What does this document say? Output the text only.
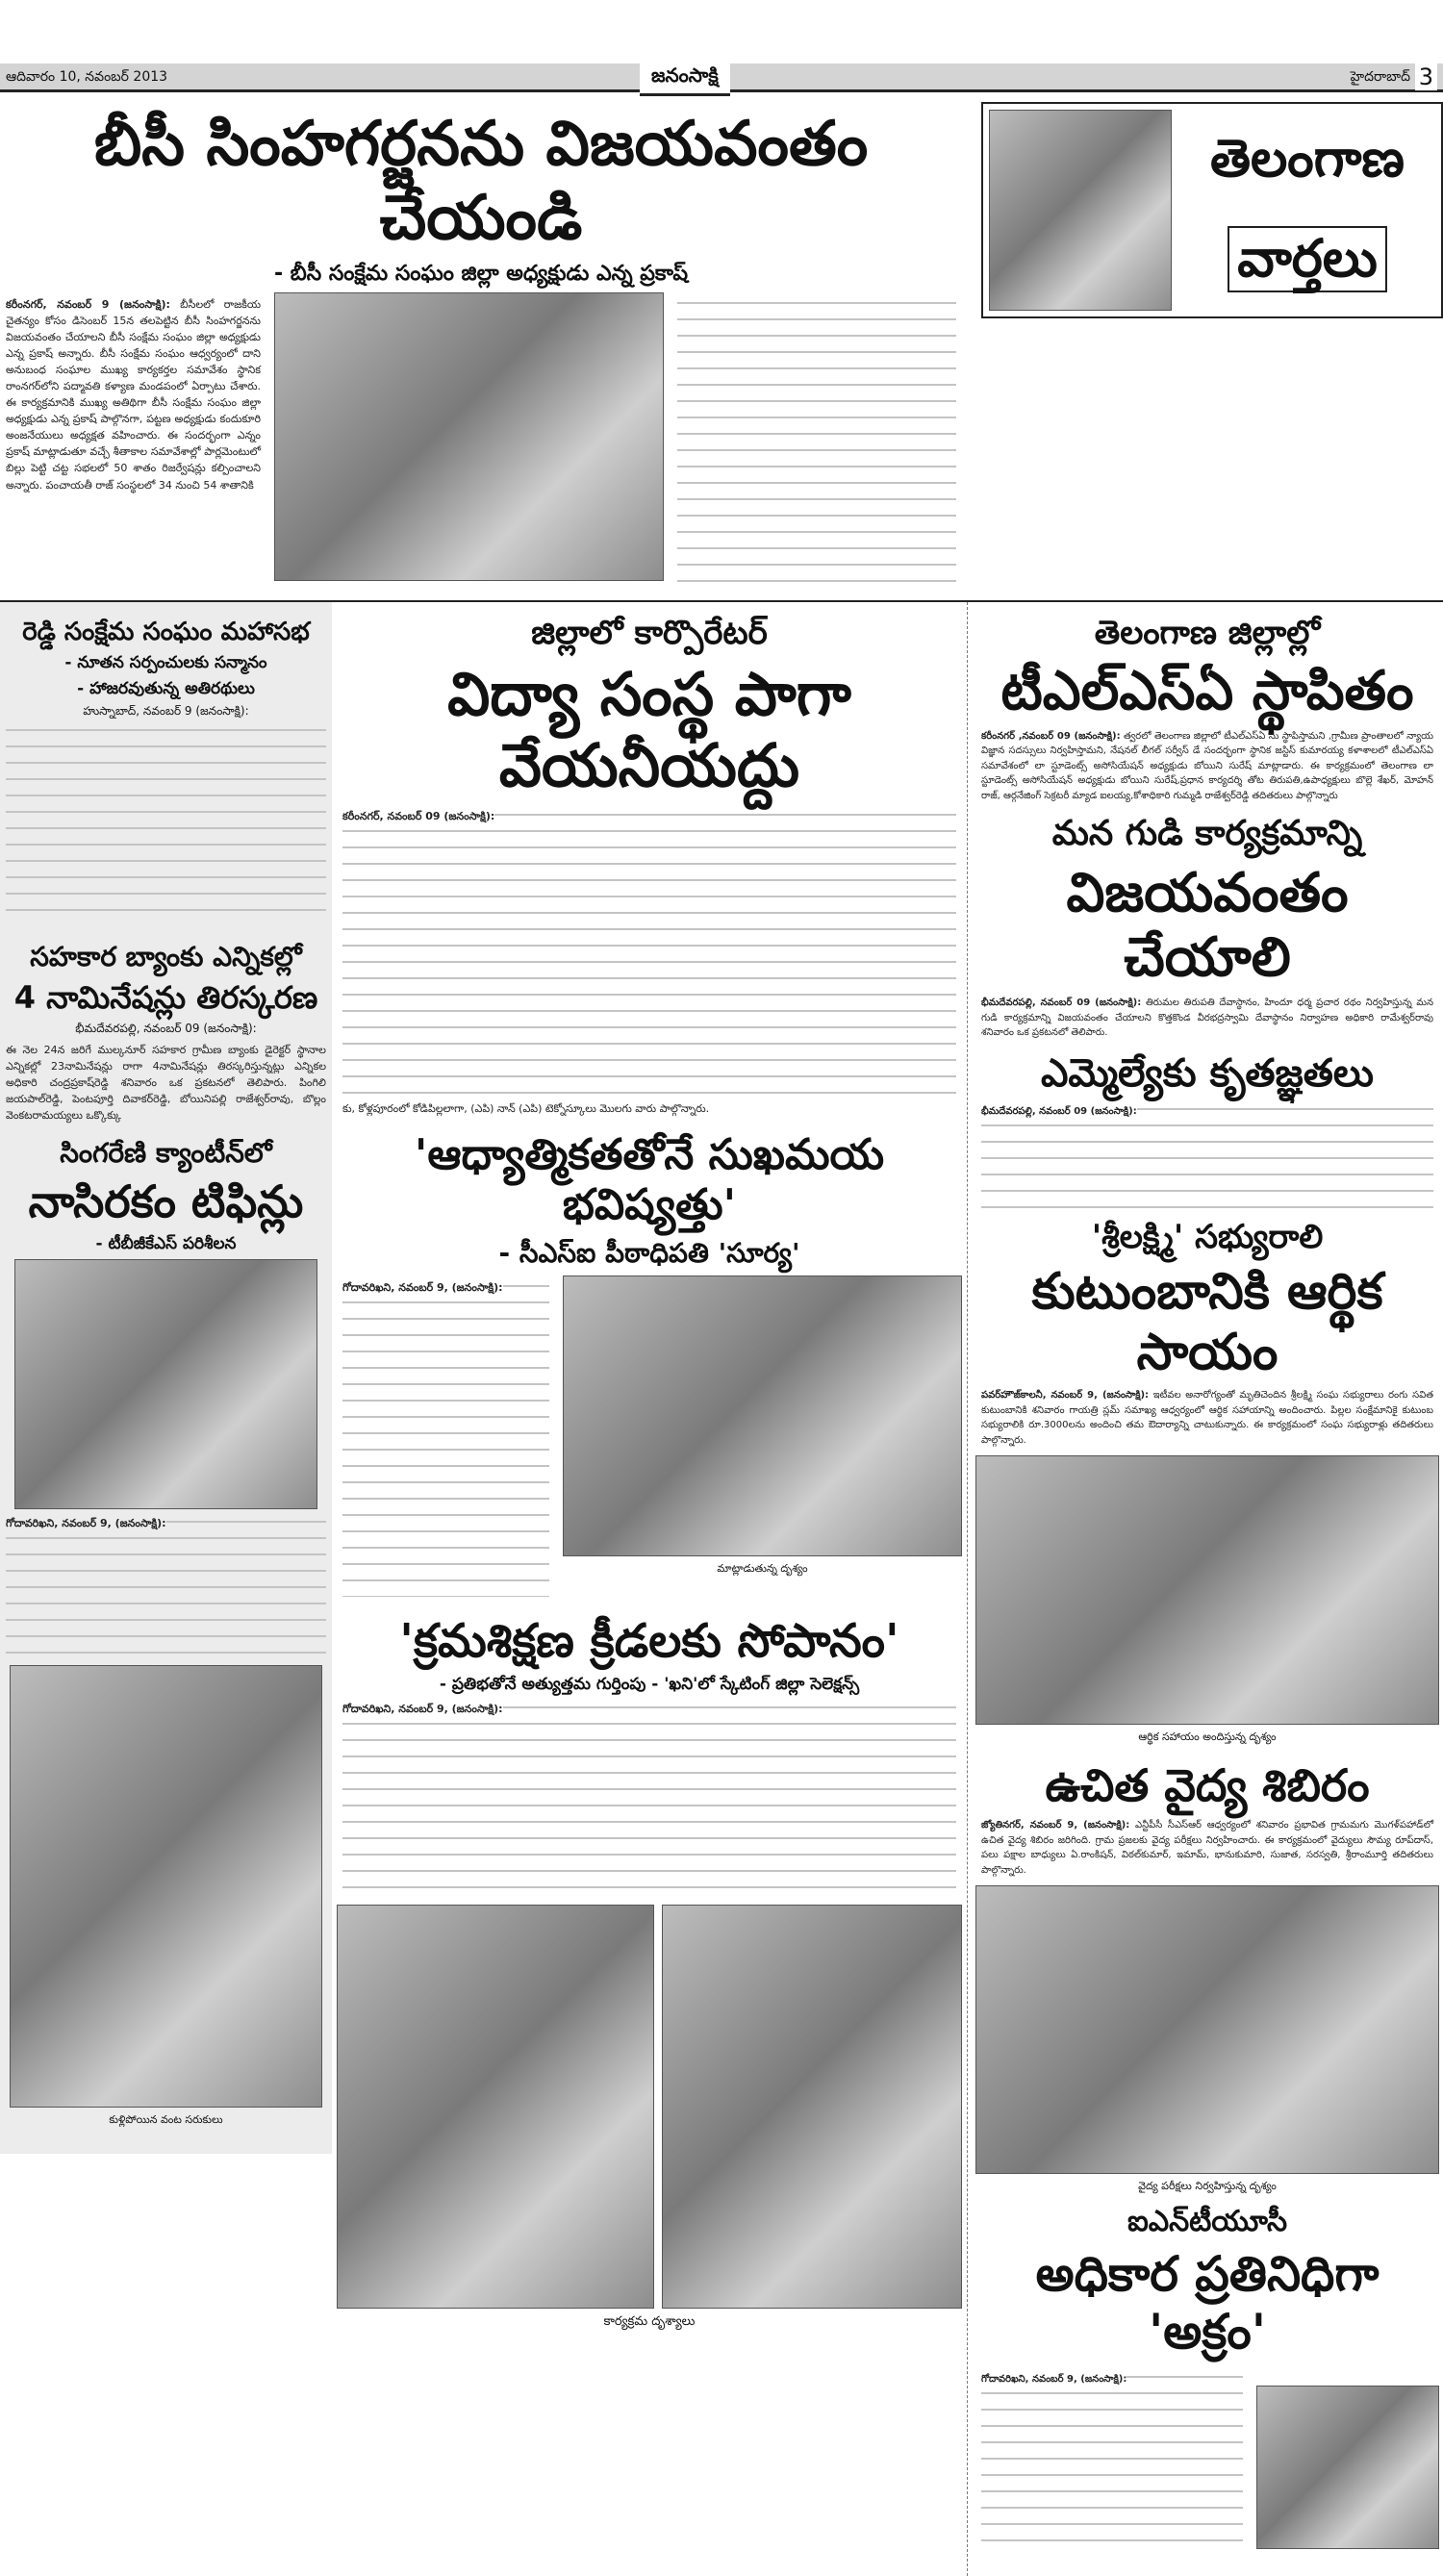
ఆదివారం 10, నవంబర్ 2013	జనంసాక్షి	హైదరాబాద్ 3
బీసీ సింహగర్జనను విజయవంతం చేయండి
- బీసీ సంక్షేమ సంఘం జిల్లా అధ్యక్షుడు ఎన్న ప్రకాష్
కరీంనగర్, నవంబర్ 9 (జనంసాక్షి): బీసీలలో రాజకీయ చైతన్యం కోసం డిసెంబర్ 15న తలపెట్టిన బీసీ సింహగర్జనను విజయవంతం చేయాలని బీసీ సంక్షేమ సంఘం జిల్లా అధ్యక్షుడు ఎన్న ప్రకాష్ అన్నారు. బీసీ సంక్షేమ సంఘం ఆధ్వర్యంలో దాని అనుబంధ సంఘాల ముఖ్య కార్యకర్తల సమావేశం స్థానిక రాంనగర్‌లోని పద్మావతి కళ్యాణ మండపంలో ఏర్పాటు చేశారు. ఈ కార్యక్రమానికి ముఖ్య అతిథిగా బీసీ సంక్షేమ సంఘం జిల్లా అధ్యక్షుడు ఎన్న ప్రకాష్ పాల్గొనగా, పట్టణ అధ్యక్షుడు కందుకూరి అంజనేయులు అధ్యక్షత వహించారు. ఈ సందర్భంగా ఎన్నం ప్రకాష్ మాట్లాడుతూ వచ్చే శీతాకాల సమావేశాల్లో పార్లమెంటులో బిల్లు పెట్టి చట్ట సభలలో 50 శాతం రిజర్వేషన్లు కల్పించాలని అన్నారు. పంచాయతీ రాజ్ సంస్థలలో 34 నుంచి 54 శాతానికి
తెలంగాణ
వార్తలు
రెడ్డి సంక్షేమ సంఘం మహాసభ
- నూతన సర్పంచులకు సన్మానం
- హాజరవుతున్న అతిరథులు
హుస్నాబాద్, నవంబర్ 9 (జనంసాక్షి):
సహకార బ్యాంకు ఎన్నికల్లో
4 నామినేషన్లు తిరస్కరణ
భీమదేవరపల్లి, నవంబర్ 09 (జనంసాక్షి):
ఈ నెల 24న జరిగే ముల్కనూర్ సహకార గ్రామీణ బ్యాంకు డైరెక్టర్ స్థానాల ఎన్నికల్లో 23నామినేషన్లు రాగా 4నామినేషన్లు తిరస్కరిస్తున్నట్లు ఎన్నికల అధికారి చంద్రప్రకాష్‌రెడ్డి శనివారం ఒక ప్రకటనలో తెలిపారు. పింగిలి జయపాల్‌రెడ్డి, పెంటపూర్తి దివాకర్‌రెడ్డి, బోయినిపల్లి రాజేశ్వర్‌రావు, బొల్లం వెంకటరామయ్యలు ఒక్కొక్కు
సింగరేణి క్యాంటీన్‌లో
నాసిరకం టిఫిన్లు
- టీబీజీకేఎస్ పరిశీలన
గోదావరిఖని, నవంబర్ 9, (జనంసాక్షి):
కుళ్లిపోయిన వంట సరుకులు
జిల్లాలో కార్పొరేటర్
విద్యా సంస్థ పాగా వేయనీయద్దు
కరీంనగర్, నవంబర్ 09 (జనంసాక్షి):
కు, కోళ్లపూరంలో కోడిపిల్లలాగా, (ఎపి) నాన్ (ఎపి) టెక్నోస్కూలు మొలగు వారు పాల్గొన్నారు.
'ఆధ్యాత్మికతతోనే సుఖమయ భవిష్యత్తు'
- సీఎస్ఐ పీఠాధిపతి 'సూర్య'
గోదావరిఖని, నవంబర్ 9, (జనంసాక్షి):
మాట్లాడుతున్న దృశ్యం
'క్రమశిక్షణ క్రీడలకు సోపానం'
- ప్రతిభతోనే అత్యుత్తమ గుర్తింపు - 'ఖని'లో స్కేటింగ్ జిల్లా సెలెక్షన్స్
గోదావరిఖని, నవంబర్ 9, (జనంసాక్షి):
కార్యక్రమ దృశ్యాలు
తెలంగాణ జిల్లాల్లో
టీఎల్ఎస్ఏ స్థాపితం
కరీంనగర్ ,నవంబర్ 09 (జనంసాక్షి): త్వరలో తెలంగాణ జిల్లాలో టీఎల్ఎస్ఏ ను స్థాపిస్తామని ,గ్రామీణ ప్రాంతాలలో న్యాయ విజ్ఞాన సదస్సులు నిర్వహిస్తామని, నేషనల్ లీగల్ సర్వీస్ డే సందర్భంగా స్థానిక జస్టిస్ కుమారయ్య కళాశాలలో టీఎల్ఎస్ఏ సమావేశంలో లా స్టూడెంట్స్ అసోసియేషన్ అధ్యక్షుడు బోయిని సురేష్ మాట్లాడారు. ఈ కార్యక్రమంలో తెలంగాణ లా స్టూడెంట్స్ అసోసియేషన్ అధ్యక్షుడు బోయిని సురేష్,ప్రధాన కార్యదర్శి తోట తిరుపతి,ఉపాధ్యక్షులు బొల్లె శేఖర్, మోహన్ రాజ్, ఆర్గనేజింగ్ సెక్రటరీ మ్యాడ ఐలయ్య,కోశాధికారి గుమ్మడి రాజేశ్వర్‌రెడ్డి తదితరులు పాల్గొన్నారు
మన గుడి కార్యక్రమాన్ని
విజయవంతం చేయాలి
భీమదేవరపల్లి, నవంబర్ 09 (జనంసాక్షి): తిరుమల తిరుపతి దేవాస్థానం, హిందూ ధర్మ ప్రచార రథం నిర్వహిస్తున్న మన గుడి కార్యక్రమాన్ని విజయవంతం చేయాలని కొత్తకొండ వీరభద్రస్వామి దేవాస్థానం నిర్వాహణ అధికారి రామేశ్వర్‌రావు శనివారం ఒక ప్రకటనలో తెలిపారు.
ఎమ్మెల్యేకు కృతజ్ఞతలు
భీమదేవరపల్లి, నవంబర్ 09 (జనంసాక్షి):
'శ్రీలక్ష్మి' సభ్యురాలి
కుటుంబానికి ఆర్థిక సాయం
పవర్‌హౌజ్‌కాలనీ, నవంబర్ 9, (జనంసాక్షి): ఇటీవల అనారోగ్యంతో మృతిచెందిన శ్రీలక్ష్మి సంఘ సభ్యురాలు రంగు సవిత కుటుంబానికి శనివారం గాయత్రి స్లమ్ సమాఖ్య ఆధ్వర్యంలో ఆర్థిక సహాయాన్ని అందించారు. పిల్లల సంక్షేమానికై కుటుంబ సభ్యురాలికి రూ.3000లను అందించి తమ ఔదార్యాన్ని చాటుకున్నారు. ఈ కార్యక్రమంలో సంఘ సభ్యురాళ్లు తదితరులు పాల్గొన్నారు.
ఆర్థిక సహాయం అందిస్తున్న దృశ్యం
ఉచిత వైద్య శిబిరం
జ్యోతినగర్, నవంబర్ 9, (జనంసాక్షి): ఎన్టీపీసీ సీఎస్ఆర్ ఆధ్వర్యంలో శనివారం ప్రభావిత గ్రామమగు మొగళ్‌పహాడ్‌లో ఉచిత వైద్య శిబిరం జరిగింది. గ్రామ ప్రజలకు వైద్య పరీక్షలు నిర్వహించారు. ఈ కార్యక్రమంలో వైద్యులు సౌమ్య రూప్‌దాస్, పలు పక్షాల బాధ్యులు ఏ.రాంకిషన్, విఠల్‌కుమార్, ఇమామ్, భానుకుమారి, సుజాత, సరస్వతి, శ్రీరాంమూర్తి తదితరులు పాల్గొన్నారు.
వైద్య పరీక్షలు నిర్వహిస్తున్న దృశ్యం
ఐఎన్‌టీయూసీ
అధికార ప్రతినిధిగా 'అక్రం'
గోదావరిఖని, నవంబర్ 9, (జనంసాక్షి):
